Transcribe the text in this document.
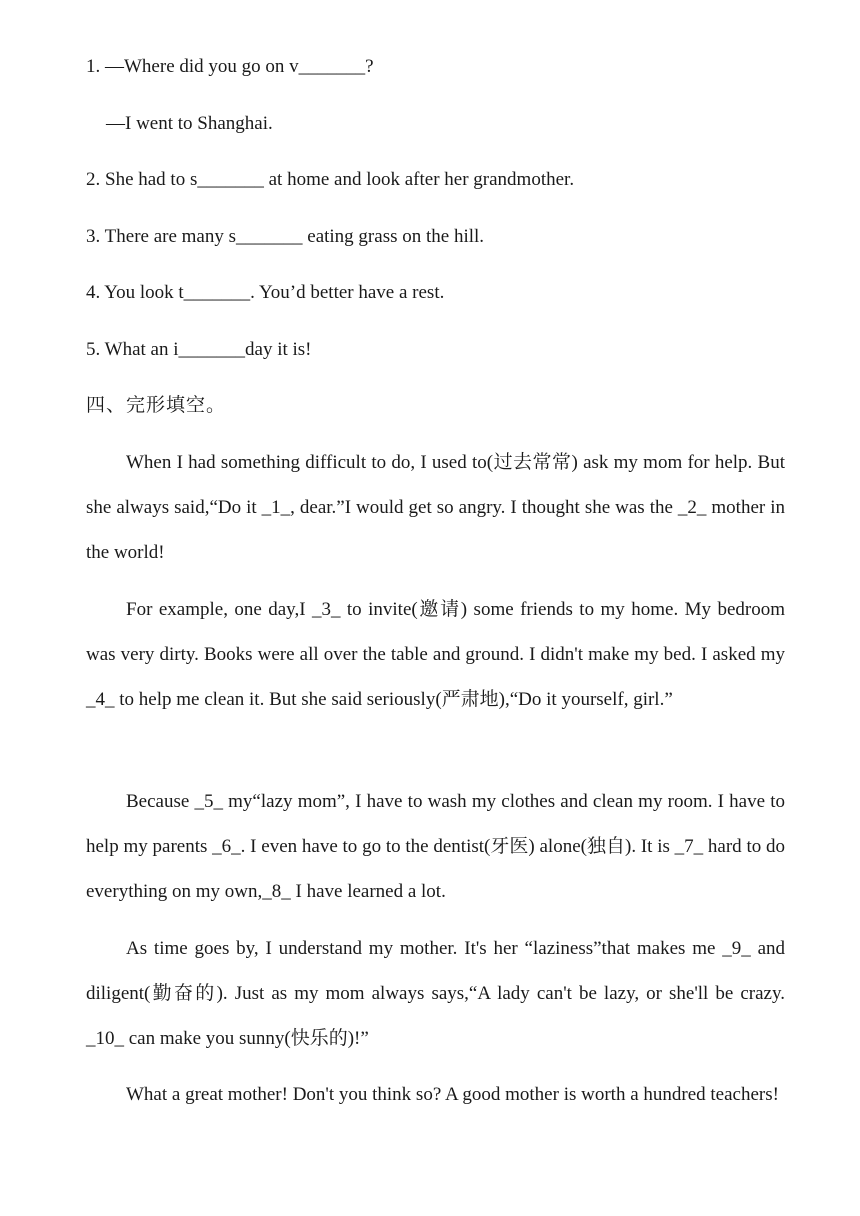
1. —Where did you go on v_______?
—I went to Shanghai.
2. She had to s_______ at home and look after her grandmother.
3. There are many s_______ eating grass on the hill.
4. You look t_______. You’d better have a rest.
5. What an i_______day it is!
四、完形填空。
When I had something difficult to do, I used to(过去常常) ask my mom for help. But she always said,“Do it _1_, dear.”I would get so angry. I thought she was the _2_ mother in the world!
For example, one day,I _3_ to invite(邀请) some friends to my home. My bedroom was very dirty. Books were all over the table and ground. I didn't make my bed. I asked my _4_ to help me clean it. But she said seriously(严肃地),“Do it yourself, girl.”
Because _5_ my“lazy mom”, I have to wash my clothes and clean my room. I have to help my parents _6_. I even have to go to the dentist(牙医) alone(独自). It is _7_ hard to do everything on my own,_8_ I have learned a lot.
As time goes by, I understand my mother. It's her “laziness”that makes me _9_ and diligent(勤奋的). Just as my mom always says,“A lady can't be lazy, or she'll be crazy. _10_ can make you sunny(快乐的)!”
What a great mother! Don't you think so? A good mother is worth a hundred teachers!
